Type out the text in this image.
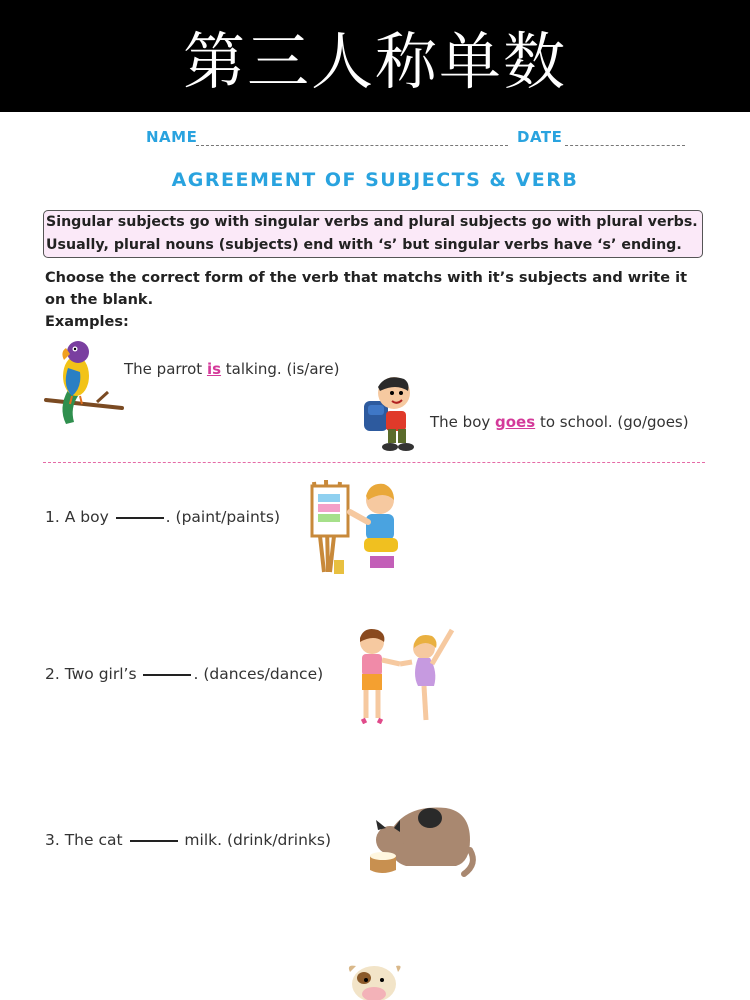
第三人称单数
NAME	DATE
AGREEMENT OF SUBJECTS & VERB
Singular subjects go with singular verbs and plural subjects go with plural verbs.
Usually, plural nouns (subjects) end with ‘s’ but singular verbs have ‘s’ ending.
Choose the correct form of the verb that matchs with it’s subjects and write it
on the blank.
Examples:
The parrot is talking. (is/are)
The boy goes to school. (go/goes)
1. A boy	. (paint/paints)
2. Two girl’s	. (dances/dance)
3. The cat	milk. (drink/drinks)
